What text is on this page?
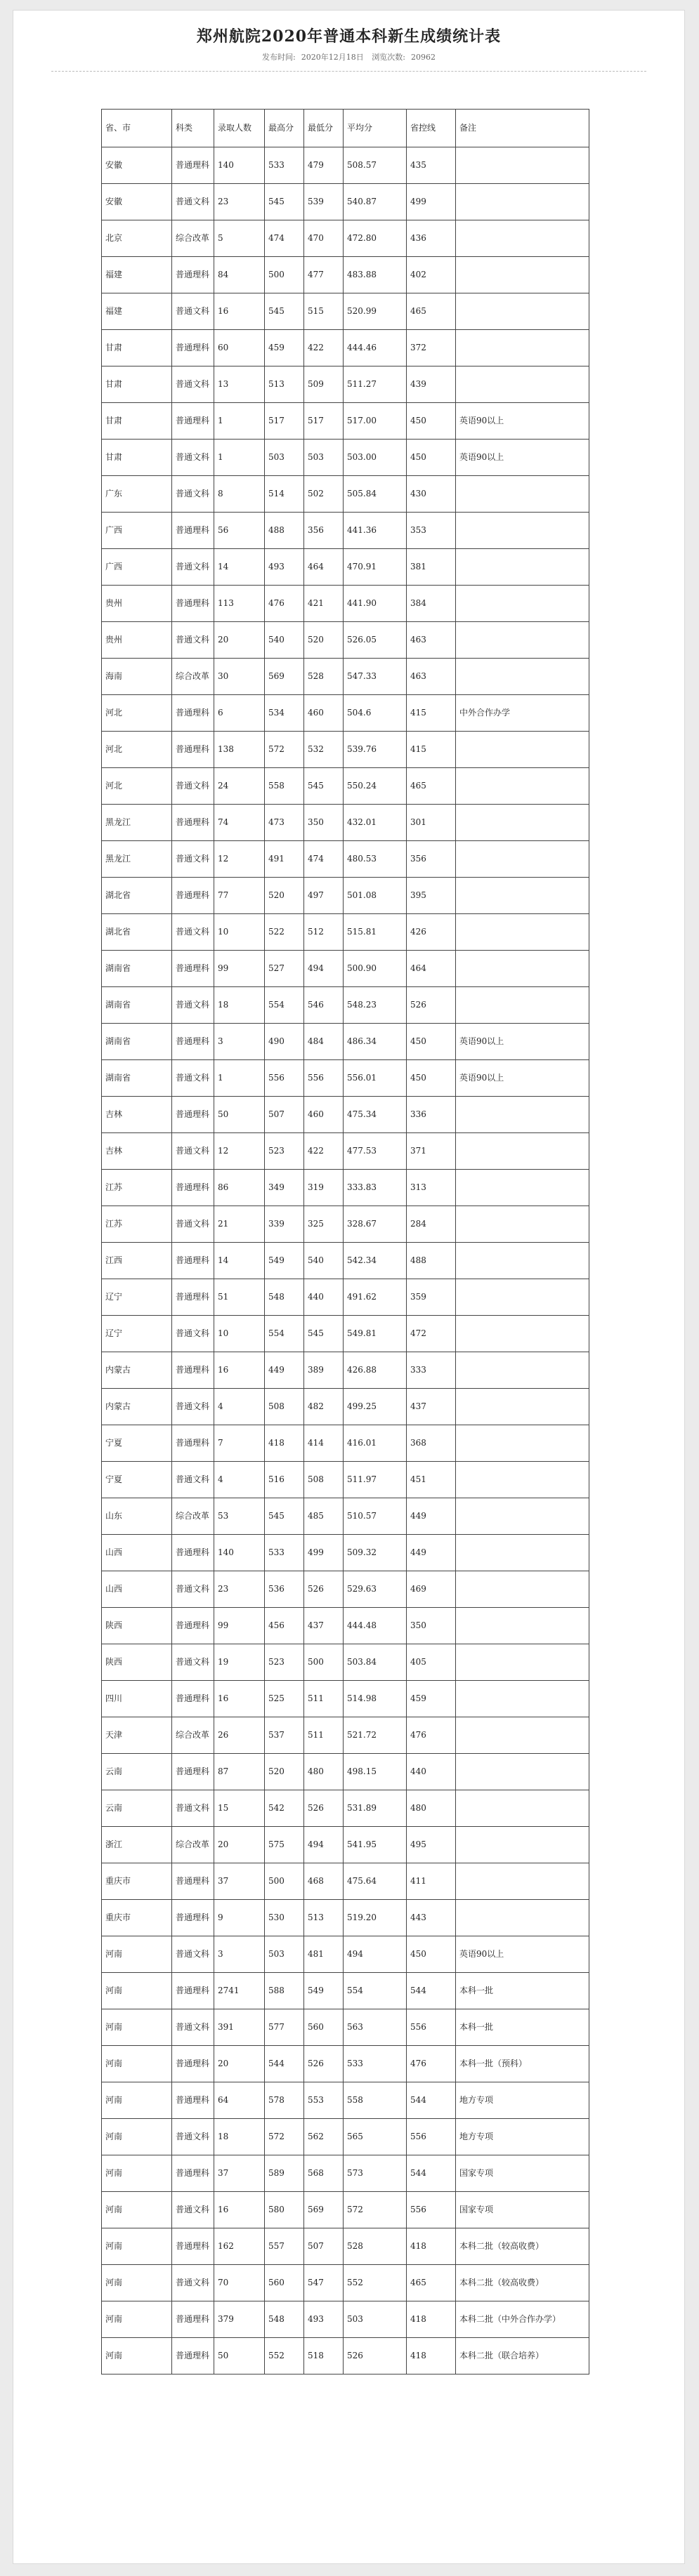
郑州航院2020年普通本科新生成绩统计表
发布时间: 2020年12月18日 浏览次数: 20962
省、市	科类	录取人数	最高分	最低分	平均分	省控线	备注
安徽	普通理科	140	533	479	508.57	435	
安徽	普通文科	23	545	539	540.87	499	
北京	综合改革	5	474	470	472.80	436	
福建	普通理科	84	500	477	483.88	402	
福建	普通文科	16	545	515	520.99	465	
甘肃	普通理科	60	459	422	444.46	372	
甘肃	普通文科	13	513	509	511.27	439	
甘肃	普通理科	1	517	517	517.00	450	英语90以上
甘肃	普通文科	1	503	503	503.00	450	英语90以上
广东	普通文科	8	514	502	505.84	430	
广西	普通理科	56	488	356	441.36	353	
广西	普通文科	14	493	464	470.91	381	
贵州	普通理科	113	476	421	441.90	384	
贵州	普通文科	20	540	520	526.05	463	
海南	综合改革	30	569	528	547.33	463	
河北	普通理科	6	534	460	504.6	415	中外合作办学
河北	普通理科	138	572	532	539.76	415	
河北	普通文科	24	558	545	550.24	465	
黑龙江	普通理科	74	473	350	432.01	301	
黑龙江	普通文科	12	491	474	480.53	356	
湖北省	普通理科	77	520	497	501.08	395	
湖北省	普通文科	10	522	512	515.81	426	
湖南省	普通理科	99	527	494	500.90	464	
湖南省	普通文科	18	554	546	548.23	526	
湖南省	普通理科	3	490	484	486.34	450	英语90以上
湖南省	普通文科	1	556	556	556.01	450	英语90以上
吉林	普通理科	50	507	460	475.34	336	
吉林	普通文科	12	523	422	477.53	371	
江苏	普通理科	86	349	319	333.83	313	
江苏	普通文科	21	339	325	328.67	284	
江西	普通理科	14	549	540	542.34	488	
辽宁	普通理科	51	548	440	491.62	359	
辽宁	普通文科	10	554	545	549.81	472	
内蒙古	普通理科	16	449	389	426.88	333	
内蒙古	普通文科	4	508	482	499.25	437	
宁夏	普通理科	7	418	414	416.01	368	
宁夏	普通文科	4	516	508	511.97	451	
山东	综合改革	53	545	485	510.57	449	
山西	普通理科	140	533	499	509.32	449	
山西	普通文科	23	536	526	529.63	469	
陕西	普通理科	99	456	437	444.48	350	
陕西	普通文科	19	523	500	503.84	405	
四川	普通理科	16	525	511	514.98	459	
天津	综合改革	26	537	511	521.72	476	
云南	普通理科	87	520	480	498.15	440	
云南	普通文科	15	542	526	531.89	480	
浙江	综合改革	20	575	494	541.95	495	
重庆市	普通理科	37	500	468	475.64	411	
重庆市	普通理科	9	530	513	519.20	443	
河南	普通文科	3	503	481	494	450	英语90以上
河南	普通理科	2741	588	549	554	544	本科一批
河南	普通文科	391	577	560	563	556	本科一批
河南	普通理科	20	544	526	533	476	本科一批（预科）
河南	普通理科	64	578	553	558	544	地方专项
河南	普通文科	18	572	562	565	556	地方专项
河南	普通理科	37	589	568	573	544	国家专项
河南	普通文科	16	580	569	572	556	国家专项
河南	普通理科	162	557	507	528	418	本科二批（较高收费）
河南	普通文科	70	560	547	552	465	本科二批（较高收费）
河南	普通理科	379	548	493	503	418	本科二批（中外合作办学）
河南	普通理科	50	552	518	526	418	本科二批（联合培养）
